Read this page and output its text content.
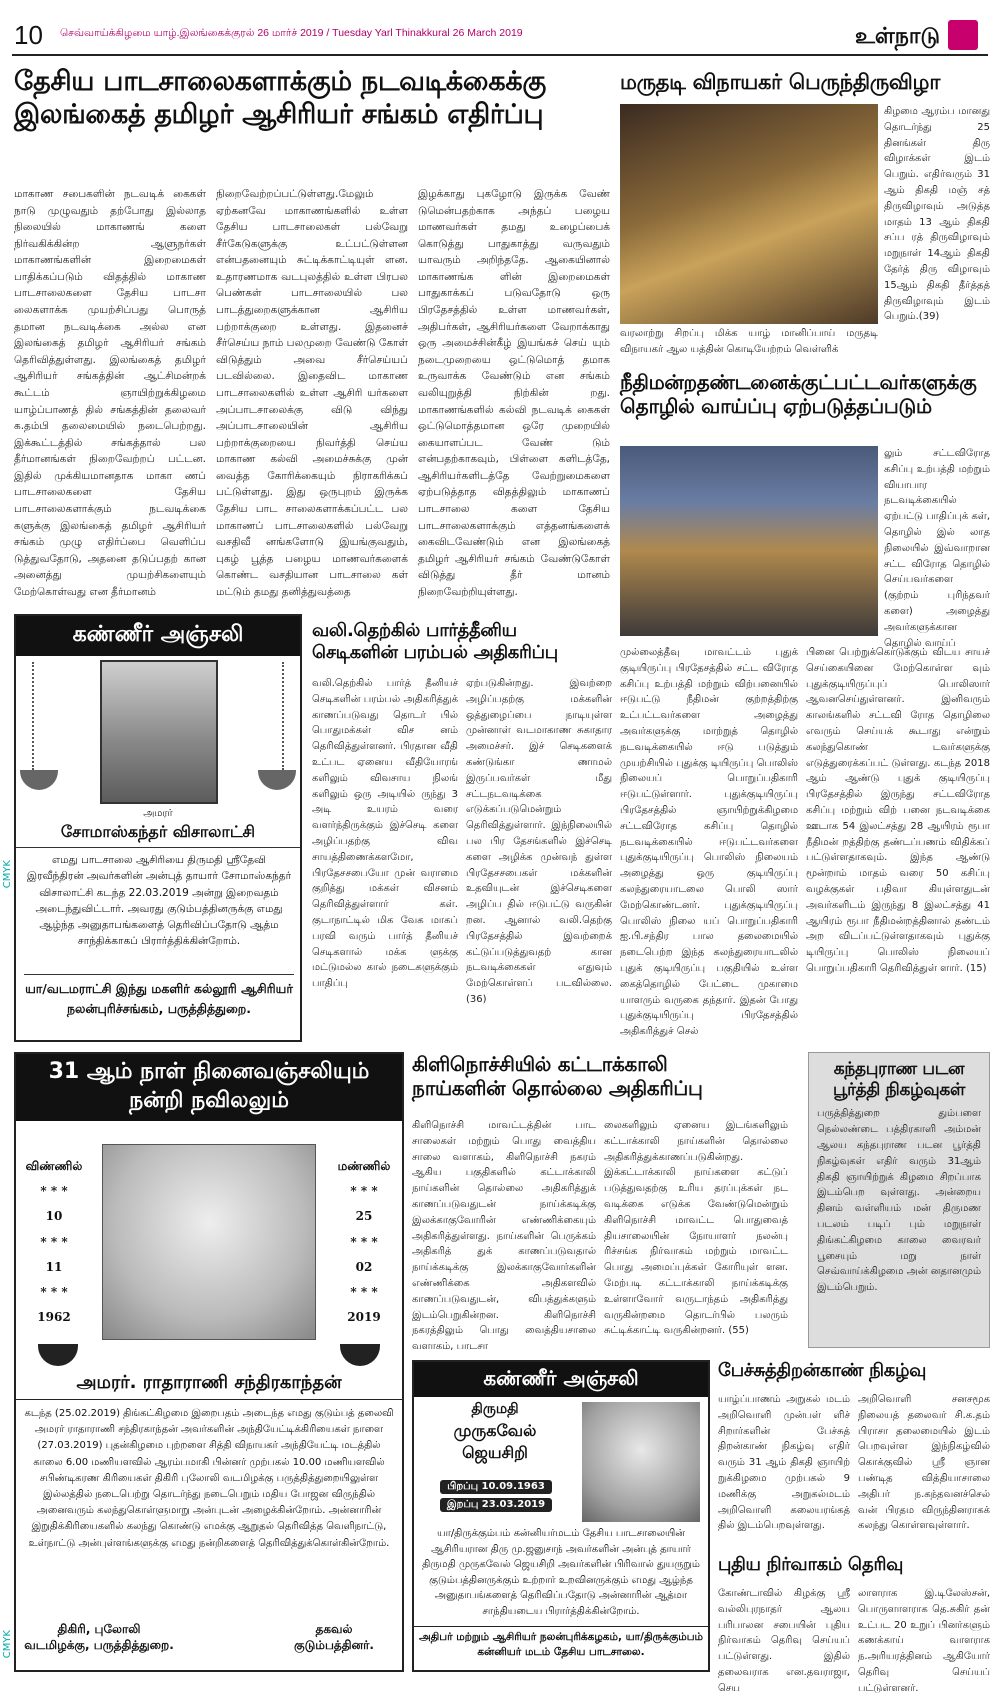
10 செவ்வாய்க்கிழமை யாழ்.இலங்கைக்குரல் 26 மார்ச் 2019 / Tuesday Yarl Thinakkural 26 March 2019	உள்நாடு
தேசிய பாடசாலைகளாக்கும் நடவடிக்கைக்கு
இலங்கைத் தமிழர் ஆசிரியர் சங்கம் எதிர்ப்பு
மாகாண சபைகளின் நடவடிக் கைகள் நாடு முழுவதும் தற்போது இல்லாத நிலையில் மாகாணங் களை நிர்வகிக்கின்ற ஆளுநர்கள் மாகாணங்களின் இறைமைகள் பாதிக்கப்படும் விதத்தில் மாகாண பாடசாலைகளை தேசிய பாடசா லைகளாக்க முயற்சிப்பது பொருத் தமான நடவடிக்கை அல்ல என இலங்கைத் தமிழர் ஆசிரியர் சங்கம் தெரிவித்துள்ளது. இலங்கைத் தமிழர் ஆசிரியர் சங்கத்தின் ஆட்சிமன்றக் கூட்டம் ஞாயிற்றுக்கிழமை யாழ்ப்பாணத் தில் சங்கத்தின் தலைவர் க.தம்பி தலைமையில் நடைபெற்றது. இக்கூட்டத்தில் சங்கத்தால் பல தீர்மானங்கள் நிறைவேற்றப் பட்டன. இதில் முக்கியமானதாக மாகா ணப் பாடசாலைகளை தேசிய பாடசாலைகளாக்கும் நடவடிக்கை களுக்கு இலங்கைத் தமிழர் ஆசிரியர் சங்கம் முழு எதிர்ப்பை வெளிப்ப டுத்துவதோடு, அதனை தடுப்பதற் கான அனைத்து முயற்சிகளையும் மேற்கொள்வது என தீர்மானம்
நிறைவேற்றப்பட்டுள்ளது.மேலும் ஏற்கனவே மாகாணங்களில் உள்ள தேசிய பாடசாலைகள் பல்வேறு சீர்கேடுகளுக்கு உட்பட்டுள்ளன என்பதனையும் சுட்டிக்காட்டியுள் ளன. உதாரணமாக வடபுலத்தில் உள்ள பிரபல பெண்கள் பாடசாலையில் பல பாடத்துறைகளுக்கான ஆசிரிய பற்றாக்குறை உள்ளது. இதனைச் சீர்செய்ய நாம் பலமுறை வேண்டு கோள் விடுத்தும் அவை சீர்செய்யப் படவில்லை. இதைவிட மாகாண பாடசாலைகளில் உள்ள ஆசிரி யர்களை அப்பாடசாலைக்கு விடு விந்து அப்பாடசாலையின் ஆசிரிய பற்றாக்குறையை நிவர்த்தி செய்ய மாகாண கல்வி அமைச்சுக்கு முன் வைத்த கோரிக்கையும் நிராகரிக்கப் பட்டுள்ளது. இது ஒருபுறம் இருக்க தேசிய பாட சாலைகளாக்கப்பட்ட பல மாகாணப் பாடசாலைகளில் பல்வேறு வசதிவீ னங்களோடு இயங்குவதும், புகழ் பூத்த பழைய மாணவர்களைக் கொண்ட வசதியான பாடசாலை கள் மட்டும் தமது தனித்துவத்தை
இழக்காது புகழோடு இருக்க வேண் டுமென்பதற்காக அந்தப் பழைய மாணவர்கள் தமது உழைப்பைக் கொடுத்து பாதுகாத்து வருவதும் யாவரும் அறிந்ததே. ஆகையினால் மாகாணங்க ளின் இறைமைகள் பாதுகாக்கப் படுவதோடு ஒரு பிரதேசத்தில் உள்ள மாணவர்கள், அதிபர்கள், ஆசிரியர்களை வேறாக்காது ஒரு அமைச்சின்கீழ் இயங்கச் செய் யும் நடைமுறையை ஒட்டுமொத் தமாக உருவாக்க வேண்டும் என சங்கம் வலியுறுத்தி நிற்கின் றது. மாகாணங்களில் கல்வி நடவடிக் கைகள் ஒட்டுமொத்தமான ஒரே முறையில் கையாளப்பட வேண் டும் என்பதற்காகவும், பிள்ளை களிடத்தே, ஆசிரியர்களிடத்தே வேற்றுமைகளை ஏற்படுத்தாத விதத்திலும் மாகாணப் பாடசாலை களை தேசிய பாடசாலைகளாக்கும் எத்தனங்களைக் கைவிடவேண்டும் என இலங்கைத் தமிழர் ஆசிரியர் சங்கம் வேண்டுகோள் விடுத்து தீர் மானம் நிறைவேற்றியுள்ளது.
மருதடி விநாயகர் பெருந்திருவிழா
கிழமை ஆரம்ப மானது தொடர்ந்து 25 தினங்கள் திரு விழாக்கள் இடம் பெறும். எதிர்வரும் 31 ஆம் திகதி மஞ் சத் திருவிழாவும் அடுத்த மாதம் 13 ஆம் திகதி சப்ப ரத் திருவிழாவும் மறுநாள் 14ஆம் திகதி தேர்த் திரு விழாவும் 15ஆம் திகதி தீர்த்தத் திருவிழாவும் இடம் பெறும்.(39)
வரலாற்று சிறப்பு மிக்க யாழ் மானிப்பாய் மருதடி விநாயகர் ஆல யத்தின் கொடியேற்றம் வெள்ளிக்
நீதிமன்றதண்டனைக்குட்பட்டவர்களுக்கு
தொழில் வாய்ப்பு ஏற்படுத்தப்படும்
லும் சட்டவிரோத கசிப்பு உற்பத்தி மற்றும் வியாபார நடவடிக்கையில் ஏற்பட்டு பாதிப்புக் கள், தொழில் இல் லாத நிலையில் இவ்வாறான சட்ட விரோத தொழில் செய்பவர்களை (குற்றம் புரிந்தவர் களை) அழைத்து அவர்களுக்கான தொழில் வாய்ப்
முல்லைத்தீவு மாவட்டம் புதுக் குடியிருப்பு பிரதேசத்தில் சட்ட விரோத கசிப்பு உற்பத்தி மற்றும் விற்பனையில் ஈடுபட்டு நீதிமன் குற்றத்திற்கு உட்பட்டவர்களை அழைத்து அவர்களுக்கு மாற்றுத் தொழில் நடவடிக்கையில் ஈடு படுத்தும் முயற்சியில் புதுக்கு டியிருப்பு பொலிஸ் நிலையப் பொறுப்பதிகாரி ஈடுபட்டுள்ளார். புதுக்குடியிருப்பு பிரதேசத்தில் ஞாயிற்றுக்கிழமை சட்டவிரோத கசிப்பு தொழில் நடவடிக்கையில் ஈடுபட்டவர்களை புதுக்குடியிருப்பு பொலிஸ் நிலையம் அழைத்து ஒரு குடியிருப்பு கலந்துரையாடலை பொலி ஸார் மேற்கொண்டனர். புதுக்குடியிருப்பு பொலிஸ் நிலை யப் பொறுப்பதிகாரி ஐ.பி.சந்திர பால தலைமையில் நடைபெற்ற இந்த கலந்துரையாடலில் புதுக் குடியிருப்பு பகுதியில் உள்ள கைத்தொழில் பேட்டை முகாமை யாளரும் வருகை தந்தார். இதன் போது புதுக்குடியிருப்பு பிரதேசத்தில் அதிகரித்துச் செல்
பினை பெற்றுக்கொடுக்கும் விடய சாயச் செய்கையினை மேற்கொள்ள வும் புதுக்குடியிருப்புப் பொலிஸார் ஆவனசெய்துள்ளனர். இனிவரும் காலங்களில் சட்டவி ரோத தொழிலை எவரும் செய்யக் கூடாது என்றும் கலந்துகொண் டவர்களுக்கு எடுத்துரைக்கப்பட் டுள்ளது. கடந்த 2018 ஆம் ஆண்டு புதுக் குடியிருப்பு பிரதேசத்தில் இருந்து சட்டவிரோத கசிப்பு மற்றும் விற் பனை நடவடிக்கை ஊடாக 54 இலட்சத்து 28 ஆயிரம் ரூபா நீதிமன் றத்திற்கு தண்டப்பணம் விதிக்கப் பட்டுள்ளதாகவும். இந்த ஆண்டு மூன்றாம் மாதம் வரை 50 கசிப்பு வழக்குகள் பதிவா கியுள்ளதுடன் அவர்களிடம் இருந்து 8 இலட்சத்து 41 ஆயிரம் ரூபா நீதிமன்றத்தினால் தண்டம் அற விடப்பட்டுள்ளதாகவும் புதுக்கு டியிருப்பு பொலிஸ் நிலையப் பொறுப்பதிகாரி தெரிவித்துள் ளார். (15)
கண்ணீர் அஞ்சலி
அமரர்
சோமாஸ்கந்தர் விசாலாட்சி
எமது பாடசாலை ஆசிரியை திருமதி ஸ்ரீதேவி இரவீந்திரன் அவர்களின் அன்புத் தாயார் சோமாஸ்கந்தர் விசாலாட்சி கடந்த 22.03.2019 அன்று இறைவதம் அடைந்துவிட்டார். அவரது குடும்பத்தினருக்கு எமது ஆழ்ந்த அனுதாபங்களைத் தெரிவிப்பதோடு ஆத்ம சாந்திக்காகப் பிரார்த்திக்கின்றோம்.
யா/வடமராட்சி இந்து மகளிர் கல்லூரி ஆசிரியர் நலன்புரிச்சங்கம், பருத்தித்துறை.
வலி.தெற்கில் பார்த்தீனிய
செடிகளின் பரம்பல் அதிகரிப்பு
வலி.தெற்கில் பார்த் தீனியச் செடிகளின் பரம்பல் அதிகரித்துக் காணப்படுவது தொடர் பில் பொதுமக்கள் விச னம் தெரிவித்துள்ளனர். பிரதான வீதி உட்பட ஏனைய வீதியோரங் களிலும் விவசாய நிலங் களிலும் ஒரு அடியில் ருந்து 3 அடி உயரம் வரை வளர்ந்திருக்கும் இச்செடி களை அழிப்பதற்கு விவ சாயத்திணைக்களமோ, பிரதேசசபையோ முன் வராமை குறித்து மக்கள் விசனம் தெரிவித்துள்ளார் கள். குடாநாட்டில் மிக வேக மாகப் பரவி வரும் பார்த் தீனியச் செடிகளால் மக்க ளுக்கு மட்டுமல்ல கால் நடைகளுக்கும் பாதிப்பு
ஏற்படுகின்றது. இவற்றை அழிப்பதற்கு மக்களின் ஒத்துழைப்பை நாடியுள்ள முன்னாள் வடமாகாண சுகாதார அமைச்சர். இச் செடிகளைக் கண்டுங்கா ணாமல் இருப்பவர்கள் மீது சட்டநடவடிக்கை எடுக்கப்படுமென்றும் தெரிவித்துள்ளார். இந்நிலையில் பல பிர தேசங்களில் இச்செடி களை அழிக்க முன்வந் துள்ள பிரதேசசபைகள் மக்களின் உதவியுடன் இச்செடிகளை அழிப்ப தில் ஈடுபட்டு வருகின் றன. ஆனால் வலி.தெற்கு பிரதேசத்தில் இவற்றைக் கட்டுப்படுத்துவதற் கான நடவடிக்கைகள் எதுவும் மேற்கொள்ளப் படவில்லை. (36)
31 ஆம் நாள் நினைவஞ்சலியும்
நன்றி நவிலலும்
விண்ணில்
* * *
10
* * *
11
* * *
1962
மண்ணில்
* * *
25
* * *
02
* * *
2019
அமரர். ராதாராணி சந்திரகாந்தன்
கடந்த (25.02.2019) திங்கட்கிழமை இறைபதம் அடைந்த எமது குடும்பத் தலைவி அமரர் ராதாராணி சந்திரகாந்தன் அவர்களின் அந்தியேட்டிக்கிரியைகள் நாளை (27.03.2019) புதன்கிழமை புற்றளை சித்தி விநாயகர் அந்தியேட்டி மடத்தில் காலை 6.00 மணியளவில் ஆரம்பமாகி பின்னர் முற்பகல் 10.00 மணியளவில் சபிண்டிகரண கிரியைகள் திகிரி புலோலி வடமிழக்கு பருத்தித்துறையிலுள்ள இல்லத்தில் நடைபெற்று தொடர்ந்து நடைபெறும் மதிய போஜன விருந்தில் அனைவரும் கலந்துகொள்ளுமாறு அன்புடன் அழைக்கின்றோம். அன்னாரின் இறுதிக்கிரியைகளில் கலந்து கொண்டு எமக்கு ஆறுதல் தெரிவித்த வெளிநாட்டு, உள்நாட்டு அன்புள்ளங்களுக்கு எமது நன்றிகளைத் தெரிவித்துக்கொள்கின்றோம்.
திகிரி, புலோலி வடமிழக்கு, பருத்தித்துறை.
தகவல் குடும்பத்தினர்.
கிளிநொச்சியில் கட்டாக்காலி
நாய்களின் தொல்லை அதிகரிப்பு
கிளிநொச்சி மாவட்டத்தின் பாட சாலைகள் மற்றும் பொது வைத்திய சாலை வளாகம், கிளிநொச்சி நகரம் ஆகிய பகுதிகளில் கட்டாக்காலி நாய்களின் தொல்லை அதிகரித்துக் காணப்படுவதுடன் நாய்க்கடிக்கு இலக்காகுவோரின் எண்ணிக்கையும் அதிகரித்துள்ளது. நாய்களின் பெருக்கம் அதிகரித் துக் காணப்படுவதால் நாய்க்கடிக்கு இலக்காகுவோர்களின் எண்ணிக்கை அதிகளவில் காணப்படுவதுடன், விபத்துக்களும் இடம்பெறுகின்றன. கிளிநொச்சி நகரத்திலும் பொது வைத்தியசாலை வளாகம், பாடசா
லைகளிலும் ஏனைய இடங்களிலும் கட்டாக்காலி நாய்களின் தொல்லை அதிகரித்துக்காணப்படுகின்றது. இக்கட்டாக்காலி நாய்களை கட்டுப் படுத்துவதற்கு உரிய தரப்புக்கள் நட வடிக்கை எடுக்க வேண்டுமென்றும் கிளிநொச்சி மாவட்ட பொதுவைத் தியசாலையின் நோயாளர் நலன்பு ரிச்சங்க நிர்வாகம் மற்றும் மாவட்ட பொது அமைப்புக்கள் கோரியுள் ளன. மேற்படி கட்டாக்காலி நாய்க்கடிக்கு உள்ளாவோர் வருடாந்தம் அதிகரித்து வருகின்றமை தொடர்பில் பலரும் சுட்டிக்காட்டி வருகின்றனர். (55)
கந்தபுராண படன
பூர்த்தி நிகழ்வுகள்
பருத்தித்துறை தும்பளை நெல்லண்டை பத்திரகாளி அம்மன் ஆலய கந்தபுராண படன பூர்த்தி நிகழ்வுகள் எதிர் வரும் 31ஆம் திகதி ஞாயிற்றுக் கிழமை சிறப்பாக இடம்பெற வுள்ளது. அன்றைய தினம் வள்ளியம் மன் திருமண படலம் படிப் பும் மறுநாள் திங்கட்கிழமை காலை வைரவர் பூசையும் மறு நாள் செவ்வாய்க்கிழமை அன் னதானமும் இடம்பெறும்.
கண்ணீர் அஞ்சலி
திருமதி
முருகவேல்
ஜெயசிறி
பிறப்பு 10.09.1963
இறப்பு 23.03.2019
யா/திருக்கும்பம் கன்னியர்மடம் தேசிய பாடசாலையின் ஆசிரியரான திரு மு.ஜனுசாந் அவர்களின் அன்புத் தாயார் திருமதி முருகவேல் ஜெயசிறி அவர்களின் பிரிவால் துயருறும் குடும்பத்தினருக்கும் உற்றார் உறவினருக்கும் எமது ஆழ்ந்த அனுதாபங்களைத் தெரிவிப்பதோடு அன்னாரின் ஆத்மா சாந்தியடைய பிரார்த்திக்கின்றோம்.
அதிபர் மற்றும் ஆசிரியர் நலன்புரிக்கழகம், யா/திருக்கும்பம் கன்னியர் மடம் தேசிய பாடசாலை.
பேச்சுத்திறன்காண் நிகழ்வு
யாழ்ப்பாணம் அறுகல் மடம் அறிவொளி முன்பள் ளிச் சிறார்களின் பேச்சுத் திறன்காண் நிகழ்வு எதிர் வரும் 31 ஆம் திகதி ஞாயிற் றுக்கிழமை முற்பகல் 9 மணிக்கு அறுகல்மடம் அறிவொளி கலையரங்கத் தில் இடம்பெறவுள்ளது.
அறிவொளி சனசமூக நிலையத் தலைவர் சி.க.தம் பிராசா தலைமையில் இடம் பெறவுள்ள இந்நிகழ்வில் கொக்குவில் ஸ்ரீ ஞான பண்டித வித்தியாசாலை அதிபர் ந.கந்தவனச்செல் வன் பிரதம விருந்தினராகக் கலந்து கொள்ளவுள்ளார்.
புதிய நிர்வாகம் தெரிவு
கோண்டாவில் கிழக்கு ஸ்ரீ வல்லிபுரநாதர் ஆலய பரிபாலன சபையின் புதிய நிர்வாகம் தெரிவு செய்யப் பட்டுள்ளது. இதில் தலைவராக என.தவராஜா, செய
லாளராக இ.டிலேஸ்சன், பொருளாளராக தெ.சுகிர் தன் உட்பட 20 உறுப் பினர்களும் கணக்காய் வாளராக ந.அரியரத்தினம் ஆகியோர் தெரிவு செய்யப் பட்டுள்ளனர்.
CMYK
CMYK
